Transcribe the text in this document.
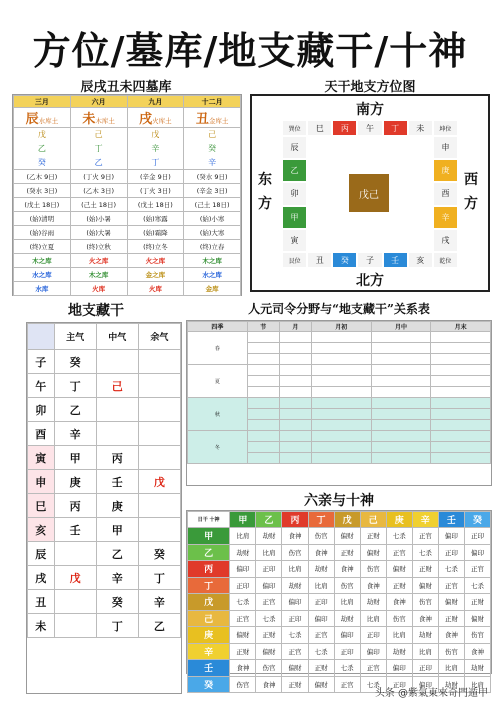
方位/墓库/地支藏干/十神
辰戌丑未四墓库
三月	六月	九月	十二月
辰水库土	未木库土	戌火库土	丑金库土
戊	己	戊	己
乙	丁	辛	癸
癸	乙	丁	辛
(乙木 9日)	(丁火 9日)	(辛金 9日)	(癸水 9日)
(癸水 3日)	(乙木 3日)	(丁火 3日)	(辛金 3日)
(戊土 18日)	(己土 18日)	(戊土 18日)	(己土 18日)
(始)清明	(始)小暑	(始)寒露	(始)小寒
(始)谷雨	(始)大暑	(始)霜降	(始)大寒
(终)立夏	(终)立秋	(终)立冬	(终)立春
木之库	火之库	火之库	木之库
水之库	木之库	金之库	水之库
水库	火库	火库	金库
天干地支方位图
南方
北方
东方
西方
巽位	巳	丙	午	丁	未	坤位
艮位	丑	癸	子	壬	亥	乾位
辰
乙
卯
甲
寅
申
庚
酉
辛
戌
戊己
地支藏干
	主气	中气	余气
子	癸		
午	丁	己	
卯	乙		
酉	辛		
寅	甲	丙	
申	庚	壬	戊
巳	丙	庚	
亥	壬	甲	
辰		乙	癸
戌	戊	辛	丁
丑		癸	辛
未		丁	乙
人元司令分野与“地支藏干”关系表
四季	节	月	月初	月中	月末
春					

夏					

秋					

冬					

六亲与十神
日干 十神	甲	乙	丙	丁	戊	己	庚	辛	壬	癸
甲	比肩	劫财	食神	伤官	偏财	正财	七杀	正官	偏印	正印
乙	劫财	比肩	伤官	食神	正财	偏财	正官	七杀	正印	偏印
丙	偏印	正印	比肩	劫财	食神	伤官	偏财	正财	七杀	正官
丁	正印	偏印	劫财	比肩	伤官	食神	正财	偏财	正官	七杀
戊	七杀	正官	偏印	正印	比肩	劫财	食神	伤官	偏财	正财
己	正官	七杀	正印	偏印	劫财	比肩	伤官	食神	正财	偏财
庚	偏财	正财	七杀	正官	偏印	正印	比肩	劫财	食神	伤官
辛	正财	偏财	正官	七杀	正印	偏印	劫财	比肩	伤官	食神
壬	食神	伤官	偏财	正财	七杀	正官	偏印	正印	比肩	劫财
癸	伤官	食神	正财	偏财	正官	七杀	正印	偏印	劫财	比肩
头条 @紫氣東來奇門遁甲
